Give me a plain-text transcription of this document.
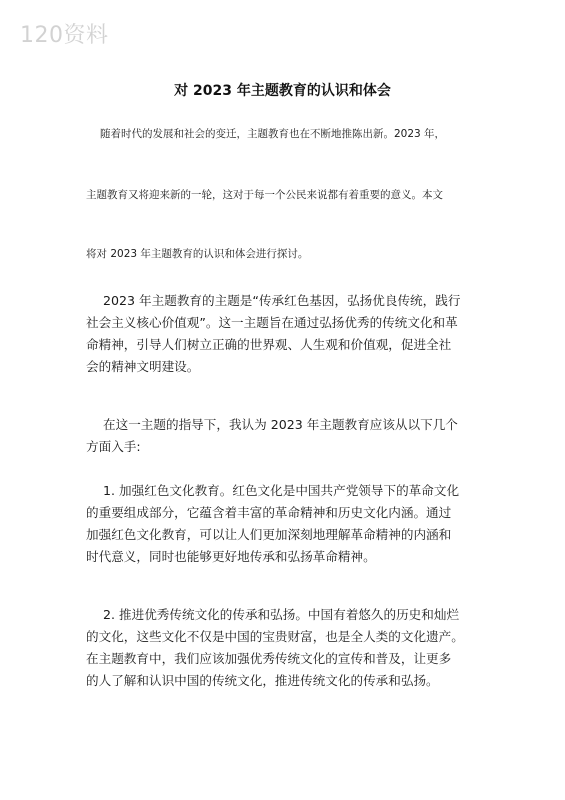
120资料
对 2023 年主题教育的认识和体会
随着时代的发展和社会的变迁，主题教育也在不断地推陈出新。2023 年，
主题教育又将迎来新的一轮，这对于每一个公民来说都有着重要的意义。本文
将对 2023 年主题教育的认识和体会进行探讨。
2023 年主题教育的主题是“传承红色基因，弘扬优良传统，践行
社会主义核心价值观”。这一主题旨在通过弘扬优秀的传统文化和革
命精神，引导人们树立正确的世界观、人生观和价值观，促进全社
会的精神文明建设。
在这一主题的指导下，我认为 2023 年主题教育应该从以下几个
方面入手:
1. 加强红色文化教育。红色文化是中国共产党领导下的革命文化
的重要组成部分，它蕴含着丰富的革命精神和历史文化内涵。通过
加强红色文化教育，可以让人们更加深刻地理解革命精神的内涵和
时代意义，同时也能够更好地传承和弘扬革命精神。
2. 推进优秀传统文化的传承和弘扬。中国有着悠久的历史和灿烂
的文化，这些文化不仅是中国的宝贵财富，也是全人类的文化遗产。
在主题教育中，我们应该加强优秀传统文化的宣传和普及，让更多
的人了解和认识中国的传统文化，推进传统文化的传承和弘扬。
